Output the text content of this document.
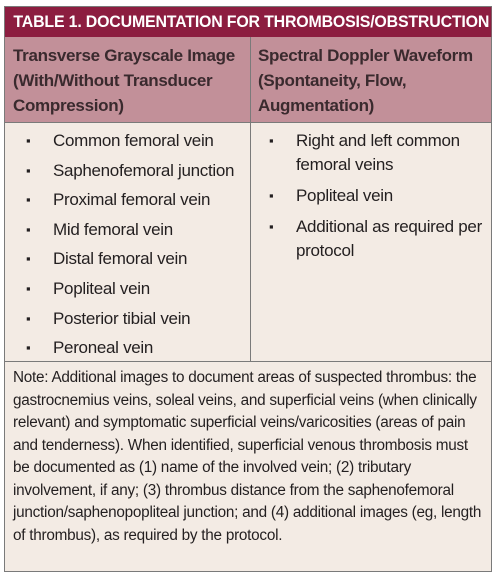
TABLE 1. DOCUMENTATION FOR THROMBOSIS/OBSTRUCTION
Transverse Grayscale Image
(With/Without Transducer
Compression)
Spectral Doppler Waveform
(Spontaneity, Flow,
Augmentation)
▪ Common femoral vein
▪ Saphenofemoral junction
▪ Proximal femoral vein
▪ Mid femoral vein
▪ Distal femoral vein
▪ Popliteal vein
▪ Posterior tibial vein
▪ Peroneal vein
▪ Right and left common femoral veins
▪ Popliteal vein
▪ Additional as required per protocol
Note: Additional images to document areas of suspected thrombus: the gastrocnemius veins, soleal veins, and superficial veins (when clinically relevant) and symptomatic superficial veins/varicosities (areas of pain and tenderness). When identified, superficial venous thrombosis must be documented as (1) name of the involved vein; (2) tributary involvement, if any; (3) thrombus distance from the saphenofemoral junction/saphenopopliteal junction; and (4) additional images (eg, length of thrombus), as required by the protocol.
